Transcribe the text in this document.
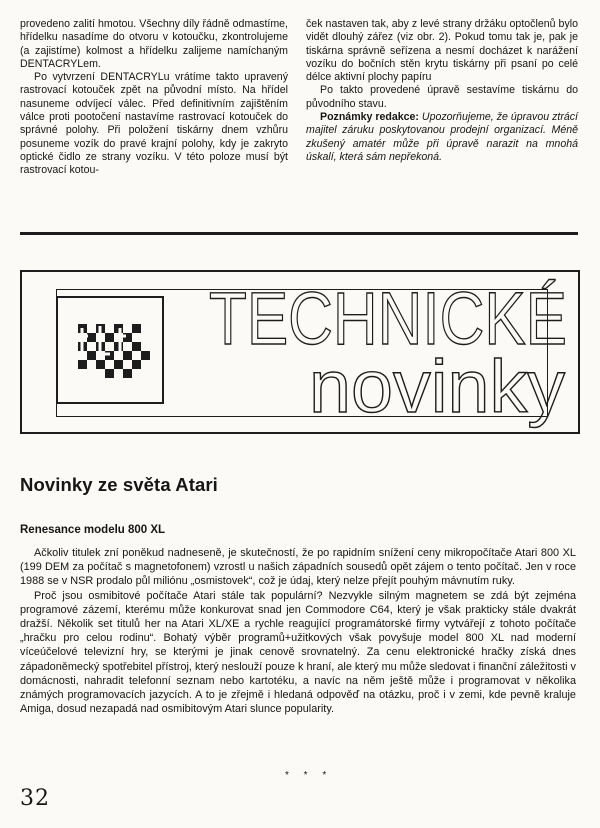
provedeno zalití hmotou. Všechny díly řádně odmastíme, hřídelku nasadíme do otvoru v kotoučku, zkontrolujeme (a zajistíme) kolmost a hřídelku zalijeme namíchaným DENTACRYLem.

Po vytvrzení DENTACRYLu vrátíme takto upravený rastrovací kotouček zpět na původní místo. Na hřídel nasuneme odvíjecí válec. Před definitivním zajištěním válce proti pootočení nastavíme rastrovací kotouček do správné polohy. Při položení tiskárny dnem vzhůru posuneme vozík do pravé krajní polohy, kdy je zakryto optické čidlo ze strany vozíku. V této poloze musí být rastrovací kotou-

ček nastaven tak, aby z levé strany držáku optočlenů bylo vidět dlouhý zářez (viz obr. 2). Pokud tomu tak je, pak je tiskárna správně seřízena a nesmí docházet k narážení vozíku do bočních stěn krytu tiskárny při psaní po celé délce aktivní plochy papíru

Po takto provedené úpravě sestavíme tiskárnu do původního stavu.

Poznámky redakce: Upozorňujeme, že úpravou ztrácí majitel záruku poskytovanou prodejní organizací. Méně zkušený amatér může při úpravě narazit na mnohá úskalí, která sám nepřekoná.

TECHNICKÉ
novinky
Novinky ze světa Atari
Renesance modelu 800 XL

Ačkoliv titulek zní poněkud nadneseně, je skutečností, že po rapidním snížení ceny mikropočítače Atari 800 XL (199 DEM za počítač s magnetofonem) vzrostl u našich západních sousedů opět zájem o tento počítač. Jen v roce 1988 se v NSR prodalo půl miliónu „osmistovek“, což je údaj, který nelze přejít pouhým mávnutím ruky.

Proč jsou osmibitové počítače Atari stále tak populární? Nezvykle silným magnetem se zdá být zejména programové zázemí, kterému může konkurovat snad jen Commodore C64, který je však prakticky stále dvakrát dražší. Několik set titulů her na Atari XL/XE a rychle reagující programátorské firmy vytvářejí z tohoto počítače „hračku pro celou rodinu“. Bohatý výběr programů+užitkových však povyšuje model 800 XL nad moderní víceúčelové televizní hry, se kterými je jinak cenově srovnatelný. Za cenu elektronické hračky získá dnes západoněmecký spotřebitel přístroj, který neslouží pouze k hraní, ale který mu může sledovat i finanční záležitosti v domácnosti, nahradit telefonní seznam nebo kartotéku, a navíc na něm ještě může i programovat v několika známých programovacích jazycích. A to je zřejmě i hledaná odpověď na otázku, proč i v zemi, kde pevně kraluje Amiga, dosud nezapadá nad osmibitovým Atari slunce popularity.

* * *
32
